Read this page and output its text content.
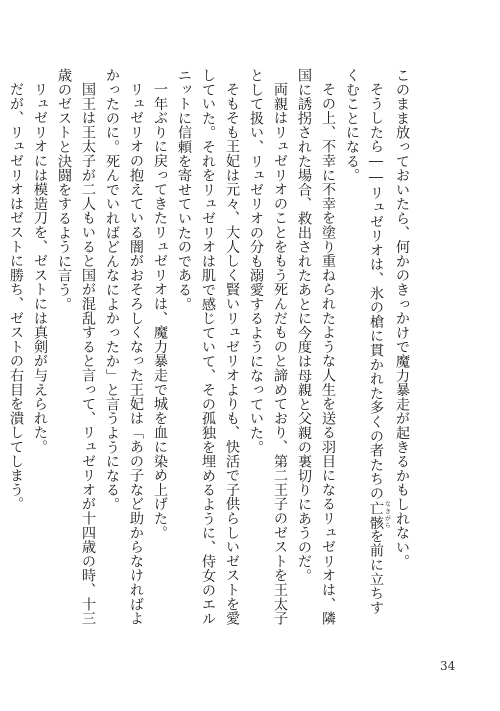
このまま放っておいたら、何かのきっかけで魔力暴走が起きるかもしれない。

そうしたら――リュゼリオは、氷の槍に貫かれた多くの者たちの亡骸 なきがらを前に立ちすくむことになる。

その上、不幸に不幸を塗り重ねられたような人生を送る羽目になるリュゼリオは、隣国に誘拐された場合、救出されたあとに今度は母親と父親の裏切りにあうのだ。

両親はリュゼリオのことをもう死んだものと諦めており、第二王子のゼストを王太子として扱い、リュゼリオの分も溺愛するようになっていた。

そもそも王妃は元々、大人しく賢いリュゼリオよりも、快活で子供らしいゼストを愛していた。それをリュゼリオは肌で感じていて、その孤独を埋めるように、侍女のエルニットに信頼を寄せていたのである。

一年ぶりに戻ってきたリュゼリオは、魔力暴走で城を血に染め上げた。

リュゼリオの抱えている闇がおそろしくなった王妃は「あの子など助からなければよかったのに。死んでいればどんなによかったか」と言うようになる。

国王は王太子が二人もいると国が混乱すると言って、リュゼリオが十四歳の時、十三歳のゼストと決闘をするように言う。

リュゼリオには模造刀を、ゼストには真剣が与えられた。

だが、リュゼリオはゼストに勝ち、ゼストの右目を潰してしまう。

34
